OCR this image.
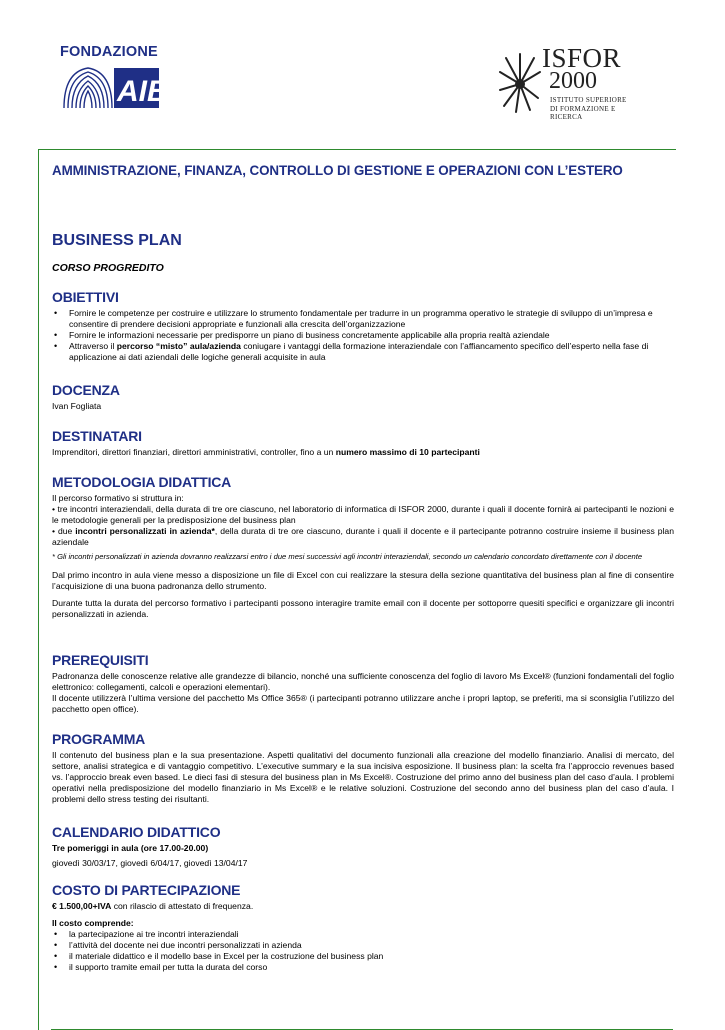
FONDAZIONE
AIB
ISFOR
2000
ISTITUTO SUPERIORE
DI FORMAZIONE E RICERCA
AMMINISTRAZIONE, FINANZA, CONTROLLO DI GESTIONE E OPERAZIONI CON L’ESTERO
BUSINESS PLAN
CORSO PROGREDITO
OBIETTIVI
• Fornire le competenze per costruire e utilizzare lo strumento fondamentale per tradurre in un programma operativo le strategie di sviluppo di un’impresa e consentire di prendere decisioni appropriate e funzionali alla crescita dell’organizzazione
• Fornire le informazioni necessarie per predisporre un piano di business concretamente applicabile alla propria realtà aziendale
• Attraverso il percorso “misto” aula/azienda coniugare i vantaggi della formazione interaziendale con l’affiancamento specifico dell’esperto nella fase di applicazione ai dati aziendali delle logiche generali acquisite in aula
DOCENZA
Ivan Fogliata
DESTINATARI
Imprenditori, direttori finanziari, direttori amministrativi, controller, fino a un numero massimo di 10 partecipanti
METODOLOGIA DIDATTICA
Il percorso formativo si struttura in:
• tre incontri interaziendali, della durata di tre ore ciascuno, nel laboratorio di informatica di ISFOR 2000, durante i quali il docente fornirà ai partecipanti le nozioni e le metodologie generali per la predisposizione del business plan
• due incontri personalizzati in azienda*, della durata di tre ore ciascuno, durante i quali il docente e il partecipante potranno costruire insieme il business plan aziendale
* Gli incontri personalizzati in azienda dovranno realizzarsi entro i due mesi successivi agli incontri interaziendali, secondo un calendario concordato direttamente con il docente
Dal primo incontro in aula viene messo a disposizione un file di Excel con cui realizzare la stesura della sezione quantitativa del business plan al fine di consentire l’acquisizione di una buona padronanza dello strumento.
Durante tutta la durata del percorso formativo i partecipanti possono interagire tramite email con il docente per sottoporre quesiti specifici e organizzare gli incontri personalizzati in azienda.
PREREQUISITI
Padronanza delle conoscenze relative alle grandezze di bilancio, nonché una sufficiente conoscenza del foglio di lavoro Ms Excel® (funzioni fondamentali del foglio elettronico: collegamenti, calcoli e operazioni elementari).
Il docente utilizzerà l’ultima versione del pacchetto Ms Office 365® (i partecipanti potranno utilizzare anche i propri laptop, se preferiti, ma si sconsiglia l’utilizzo del pacchetto open office).
PROGRAMMA
Il contenuto del business plan e la sua presentazione. Aspetti qualitativi del documento funzionali alla creazione del modello finanziario. Analisi di mercato, del settore, analisi strategica e di vantaggio competitivo. L’executive summary e la sua incisiva esposizione. Il business plan: la scelta fra l’approccio revenues based vs. l’approccio break even based. Le dieci fasi di stesura del business plan in Ms Excel®. Costruzione del primo anno del business plan del caso d’aula. I problemi operativi nella predisposizione del modello finanziario in Ms Excel® e le relative soluzioni. Costruzione del secondo anno del business plan del caso d’aula. I problemi dello stress testing dei risultanti.
CALENDARIO DIDATTICO
Tre pomeriggi in aula (ore 17.00-20.00)
giovedì 30/03/17, giovedì 6/04/17, giovedì 13/04/17
COSTO DI PARTECIPAZIONE
€ 1.500,00+IVA con rilascio di attestato di frequenza.
Il costo comprende:
• la partecipazione ai tre incontri interaziendali
• l’attività del docente nei due incontri personalizzati in azienda
• il materiale didattico e il modello base in Excel per la costruzione del business plan
• il supporto tramite email per tutta la durata del corso
